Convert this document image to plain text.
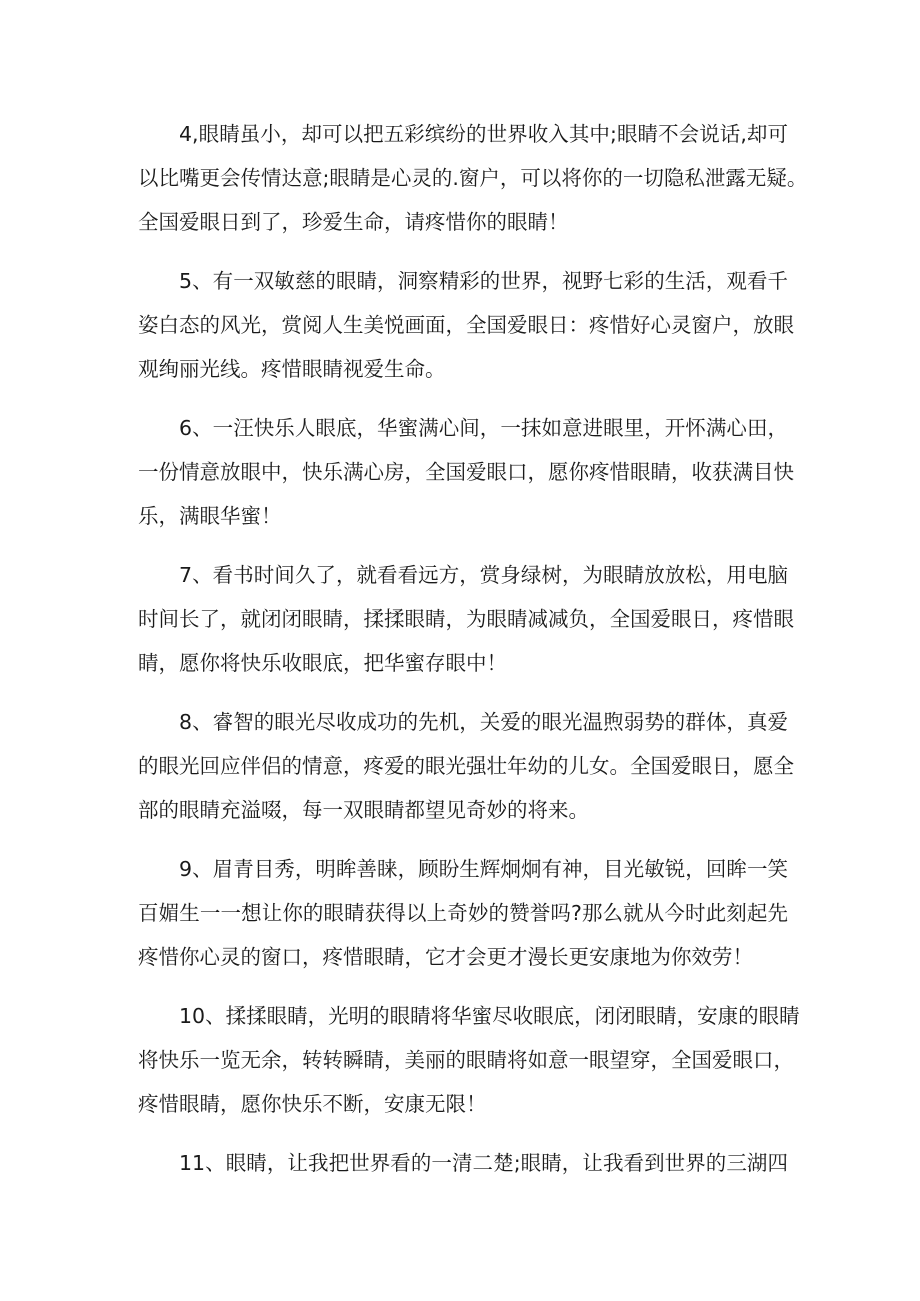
4,眼睛虽小，却可以把五彩缤纷的世界收入其中;眼睛不会说话,却可
以比嘴更会传情达意;眼睛是心灵的.窗户，可以将你的一切隐私泄露无疑。
全国爱眼日到了，珍爱生命，请疼惜你的眼睛！
5、有一双敏慈的眼睛，洞察精彩的世界，视野七彩的生活，观看千
姿白态的风光，赏阅人生美悦画面，全国爱眼日：疼惜好心灵窗户，放眼
观绚丽光线。疼惜眼睛视爱生命。
6、一汪快乐人眼底，华蜜满心间，一抹如意进眼里，开怀满心田，
一份情意放眼中，快乐满心房，全国爱眼口，愿你疼惜眼睛，收获满目快
乐，满眼华蜜！
7、看书时间久了，就看看远方，赏身绿树，为眼睛放放松，用电脑
时间长了，就闭闭眼睛，揉揉眼睛，为眼睛减减负，全国爱眼日，疼惜眼
睛，愿你将快乐收眼底，把华蜜存眼中！
8、睿智的眼光尽收成功的先机，关爱的眼光温煦弱势的群体，真爱
的眼光回应伴侣的情意，疼爱的眼光强壮年幼的儿女。全国爱眼日，愿全
部的眼睛充溢啜，每一双眼睛都望见奇妙的将来。
9、眉青目秀，明眸善睐，顾盼生辉炯炯有神，目光敏锐，回眸一笑
百媚生一一想让你的眼睛获得以上奇妙的赞誉吗?那么就从今时此刻起先
疼惜你心灵的窗口，疼惜眼睛，它才会更才漫长更安康地为你效劳！
10、揉揉眼睛，光明的眼睛将华蜜尽收眼底，闭闭眼睛，安康的眼睛
将快乐一览无余，转转瞬睛，美丽的眼睛将如意一眼望穿，全国爱眼口，
疼惜眼睛，愿你快乐不断，安康无限！
11、眼睛，让我把世界看的一清二楚;眼睛，让我看到世界的三湖四
